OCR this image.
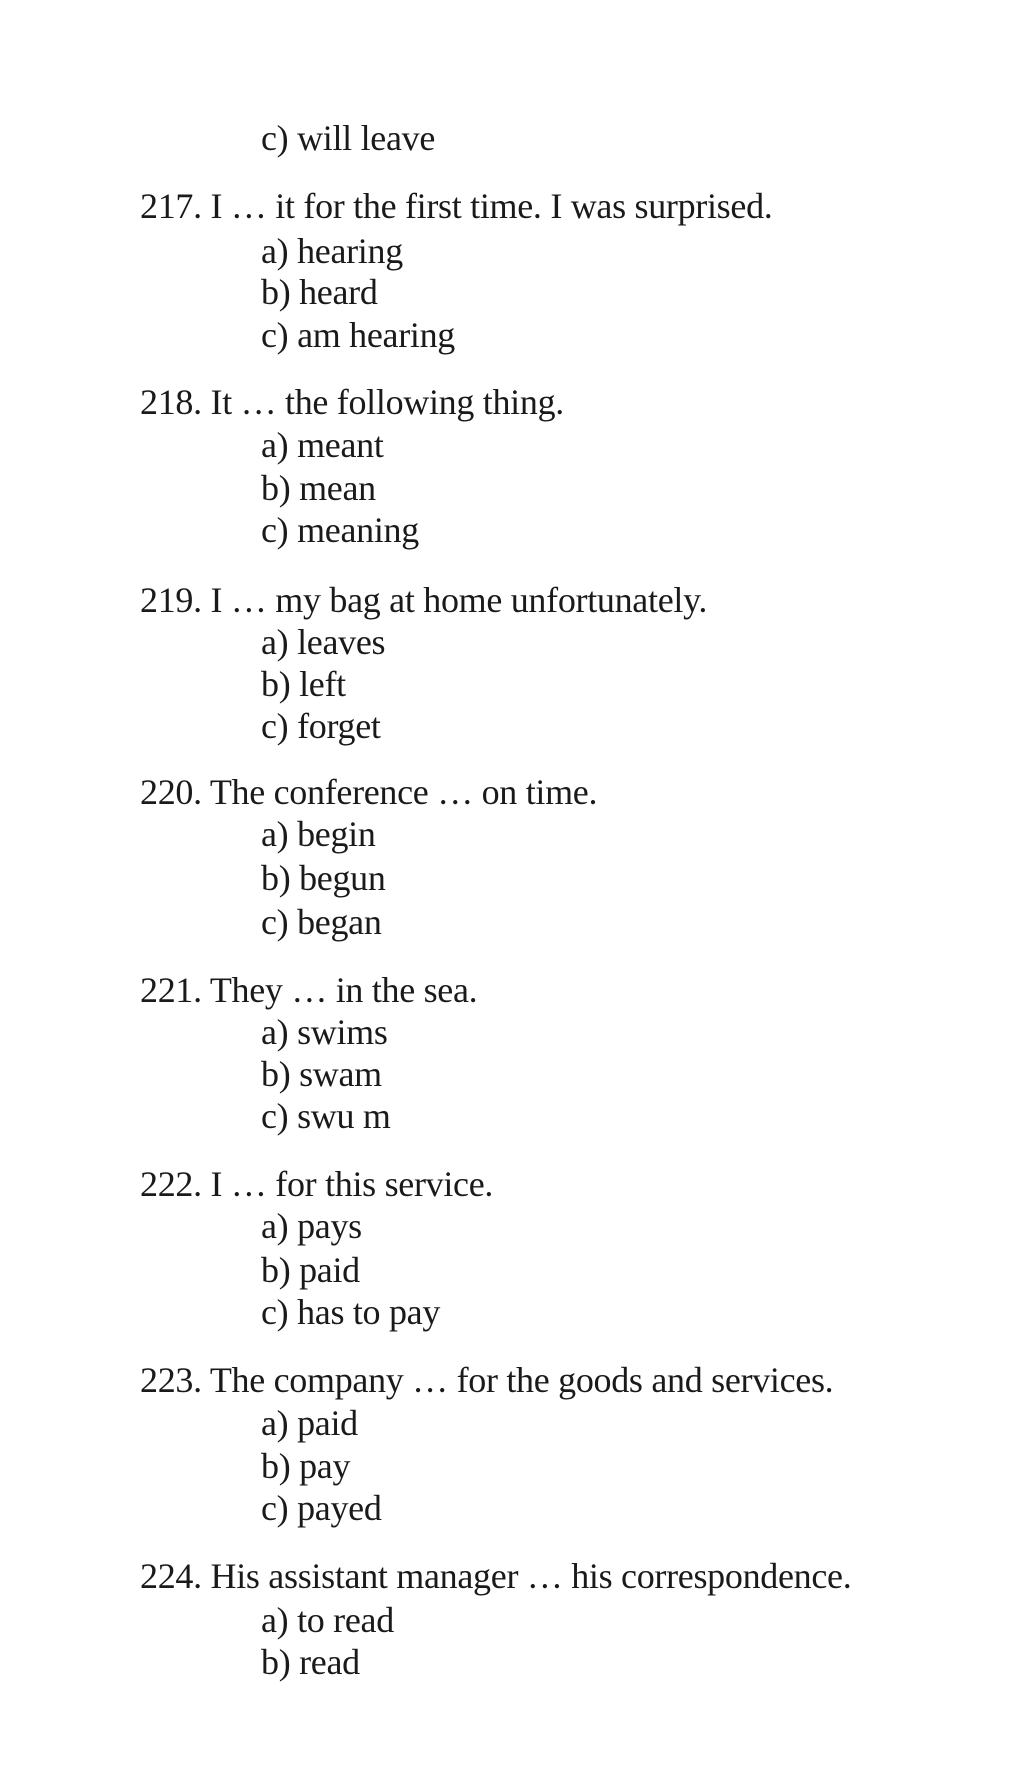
c) will leave
217. I … it for the first time. I was surprised.
a) hearing
b) heard
c) am hearing
218. It … the following thing.
a) meant
b) mean
c) meaning
219. I … my bag at home unfortunately.
a) leaves
b) left
c) forget
220. The conference … on time.
a) begin
b) begun
c) began
221. They … in the sea.
a) swims
b) swam
c) swu m
222. I … for this service.
a) pays
b) paid
c) has to pay
223. The company … for the goods and services.
a) paid
b) pay
c) payed
224. His assistant manager … his correspondence.
a) to read
b) read
